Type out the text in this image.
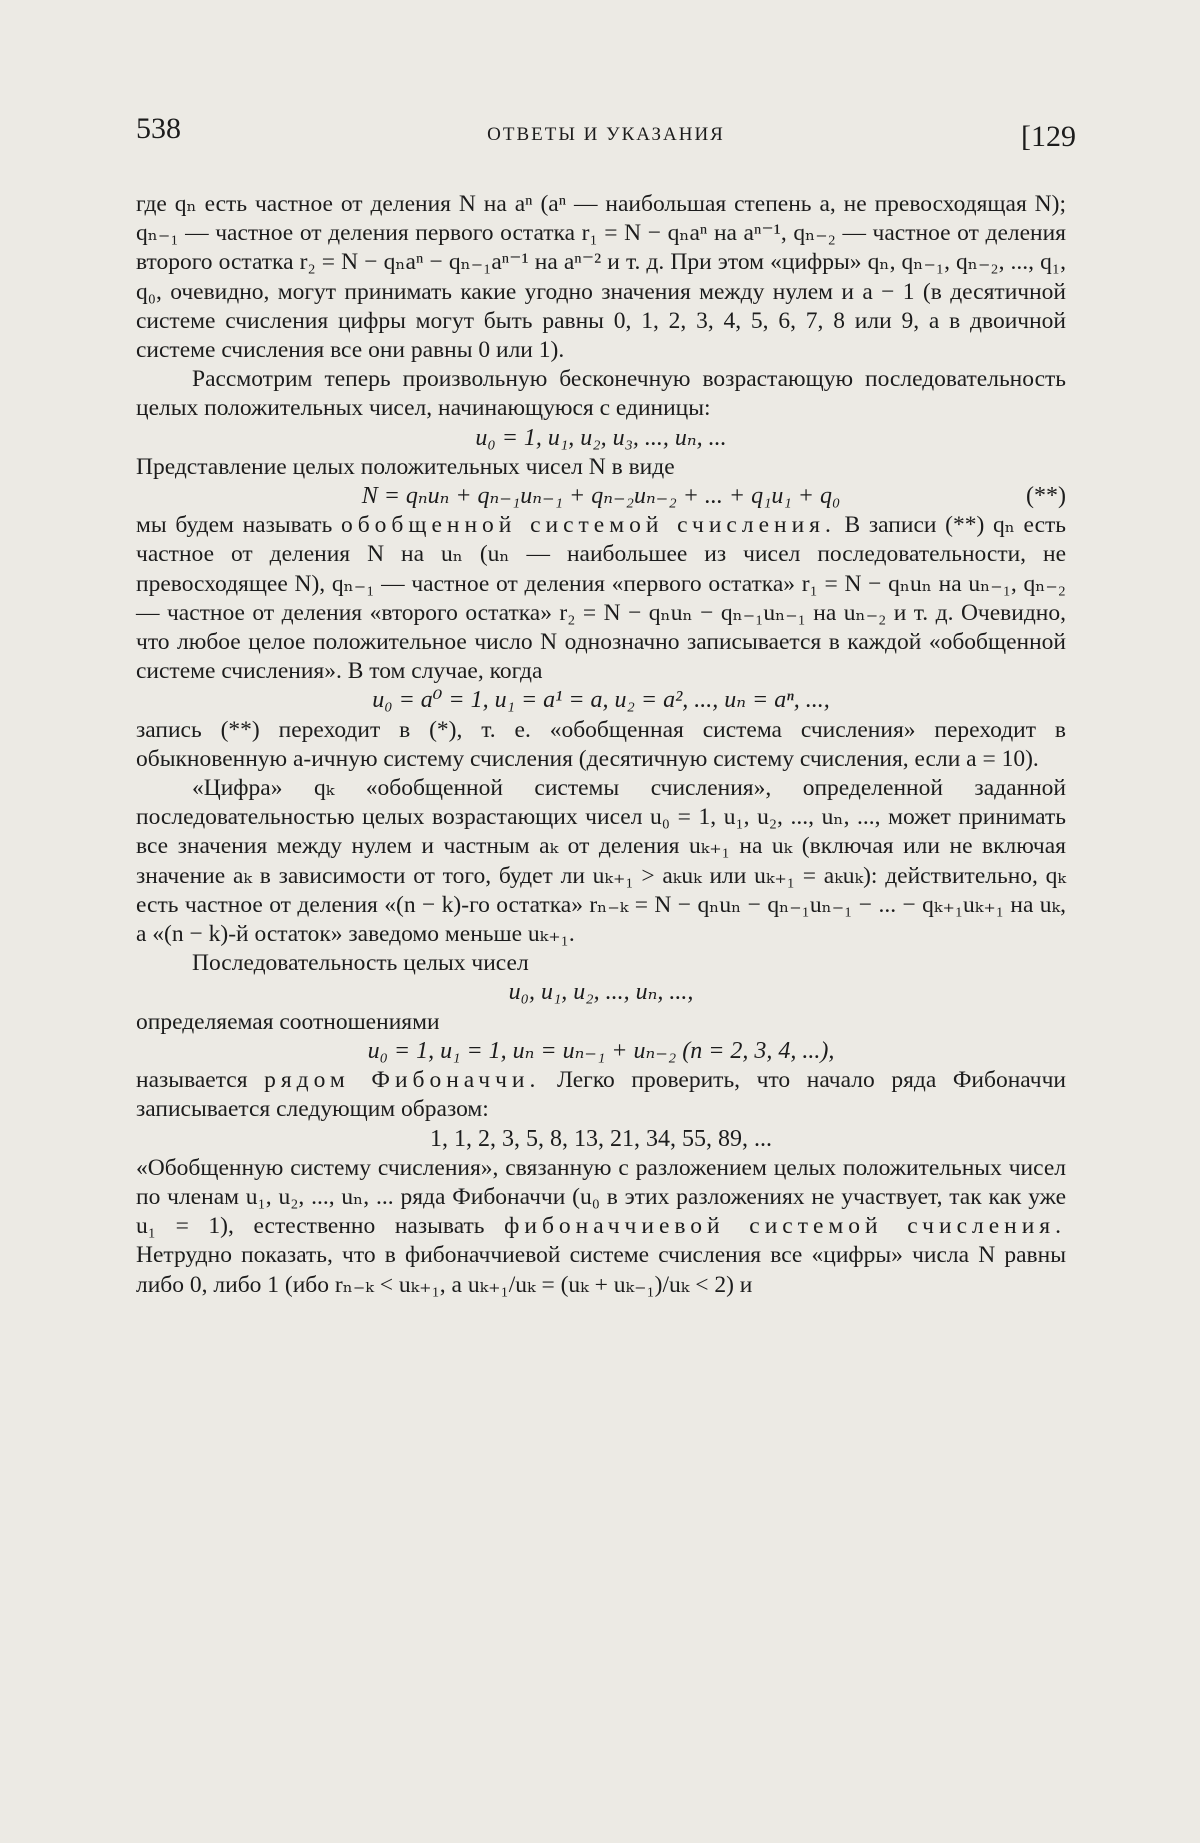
538	ОТВЕТЫ И УКАЗАНИЯ	[129

где qₙ есть частное от деления N на aⁿ (aⁿ — наибольшая степень a, не превосходящая N); qₙ₋₁ — частное от деления первого остатка r₁ = N − qₙaⁿ на aⁿ⁻¹, qₙ₋₂ — частное от деления второго остатка r₂ = N − qₙaⁿ − qₙ₋₁aⁿ⁻¹ на aⁿ⁻² и т. д. При этом «цифры» qₙ, qₙ₋₁, qₙ₋₂, ..., q₁, q₀, очевидно, могут принимать какие угодно значения между нулем и a − 1 (в десятичной системе счисления цифры могут быть равны 0, 1, 2, 3, 4, 5, 6, 7, 8 или 9, а в двоичной системе счисления все они равны 0 или 1).

Рассмотрим теперь произвольную бесконечную возрастающую последовательность целых положительных чисел, начинающуюся с единицы:

u₀ = 1, u₁, u₂, u₃, ..., uₙ, ...

Представление целых положительных чисел N в виде

N = qₙuₙ + qₙ₋₁uₙ₋₁ + qₙ₋₂uₙ₋₂ + ... + q₁u₁ + q₀	(**)

мы будем называть обобщенной системой счисления. В записи (**) qₙ есть частное от деления N на uₙ (uₙ — наибольшее из чисел последовательности, не превосходящее N), qₙ₋₁ — частное от деления «первого остатка» r₁ = N − qₙuₙ на uₙ₋₁, qₙ₋₂ — частное от деления «второго остатка» r₂ = N − qₙuₙ − qₙ₋₁uₙ₋₁ на uₙ₋₂ и т. д. Очевидно, что любое целое положительное число N однозначно записывается в каждой «обобщенной системе счисления». В том случае, когда

u₀ = a⁰ = 1, u₁ = a¹ = a, u₂ = a², ..., uₙ = aⁿ, ...,

запись (**) переходит в (*), т. е. «обобщенная система счисления» переходит в обыкновенную a-ичную систему счисления (десятичную систему счисления, если a = 10).

«Цифра» qₖ «обобщенной системы счисления», определенной заданной последовательностью целых возрастающих чисел u₀ = 1, u₁, u₂, ..., uₙ, ..., может принимать все значения между нулем и частным aₖ от деления uₖ₊₁ на uₖ (включая или не включая значение aₖ в зависимости от того, будет ли uₖ₊₁ > aₖuₖ или uₖ₊₁ = aₖuₖ): действительно, qₖ есть частное от деления «(n − k)-го остатка» rₙ₋ₖ = N − qₙuₙ − qₙ₋₁uₙ₋₁ − ... − qₖ₊₁uₖ₊₁ на uₖ, а «(n − k)-й остаток» заведомо меньше uₖ₊₁.

Последовательность целых чисел

u₀, u₁, u₂, ..., uₙ, ...,

определяемая соотношениями

u₀ = 1, u₁ = 1, uₙ = uₙ₋₁ + uₙ₋₂ (n = 2, 3, 4, ...),

называется рядом Фибоначчи. Легко проверить, что начало ряда Фибоначчи записывается следующим образом:

1, 1, 2, 3, 5, 8, 13, 21, 34, 55, 89, ...

«Обобщенную систему счисления», связанную с разложением целых положительных чисел по членам u₁, u₂, ..., uₙ, ... ряда Фибоначчи (u₀ в этих разложениях не участвует, так как уже u₁ = 1), естественно называть фибоначчиевой системой счисления. Нетрудно показать, что в фибоначчиевой системе счисления все «цифры» числа N равны либо 0, либо 1 (ибо rₙ₋ₖ < uₖ₊₁, а uₖ₊₁/uₖ = (uₖ + uₖ₋₁)/uₖ < 2) и
